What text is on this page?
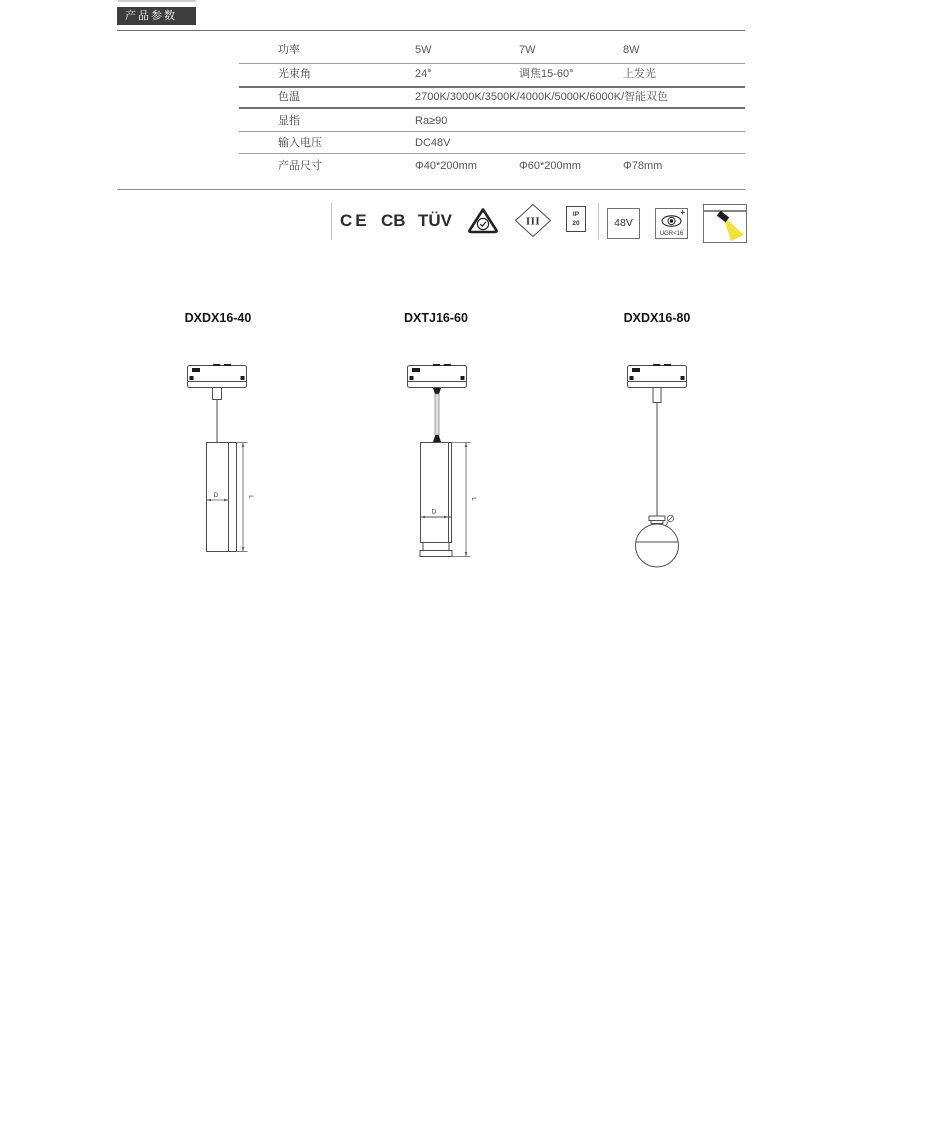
产品参数
功率	5W	7W	8W
光束角	24°	调焦15-60°	上发光
色温	2700K/3000K/3500K/4000K/5000K/6000K/智能双色
显指	Ra≥90
输入电压	DC48V
产品尺寸	Φ40*200mm	Φ60*200mm	Φ78mm
CE CB TÜV	III
IP
20	48V
+
UGR<16
DXDX16-40	DXTJ16-60	DXDX16-80
D	L
D
L
